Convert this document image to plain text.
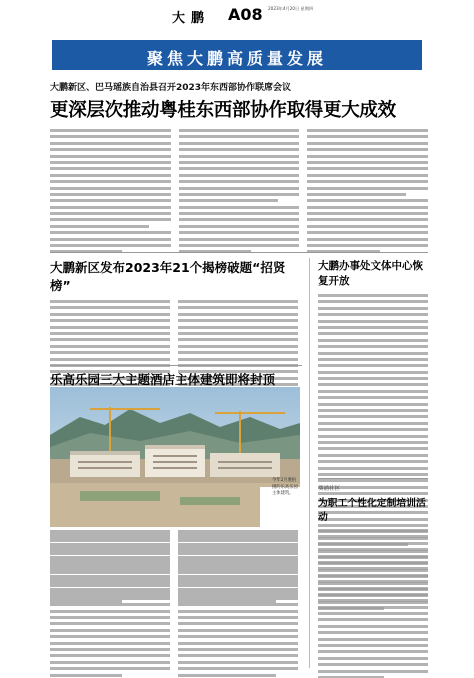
大鹏 A08 2023年4月20日 星期四
聚焦大鹏高质量发展
大鹏新区、巴马瑶族自治县召开2023年东西部协作联席会议
更深层次推动粤桂东西部协作取得更大成效
大鹏新区发布2023年21个揭榜破题“招贤榜”
乐高乐园三大主题酒店主体建筑即将封顶
今年2月底拍摄的乐高乐园主体建筑。
大鹏办事处文体中心恢复开放
葵涌社区
为职工个性化定制培训活动
